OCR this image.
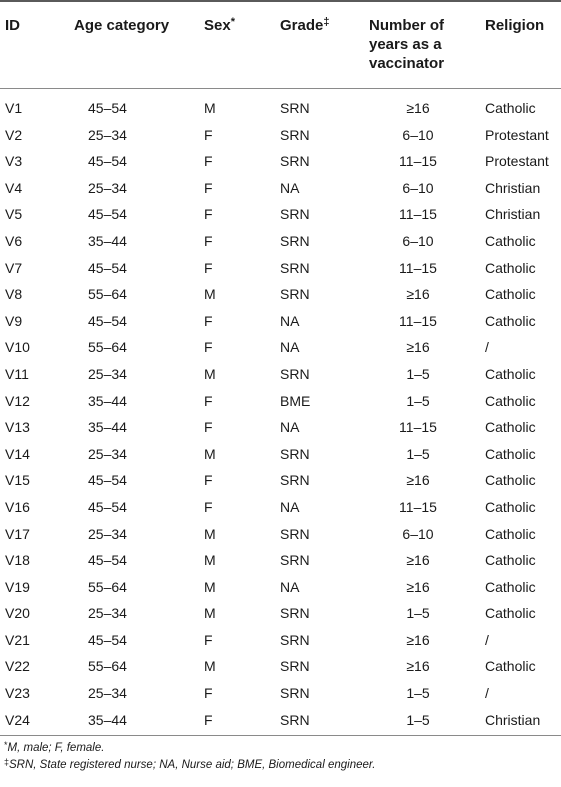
ID	Age category	Sex*	Grade‡	Number of years as a vaccinator	Religion
V1	45–54	M	SRN	≥16	Catholic
V2	25–34	F	SRN	6–10	Protestant
V3	45–54	F	SRN	11–15	Protestant
V4	25–34	F	NA	6–10	Christian
V5	45–54	F	SRN	11–15	Christian
V6	35–44	F	SRN	6–10	Catholic
V7	45–54	F	SRN	11–15	Catholic
V8	55–64	M	SRN	≥16	Catholic
V9	45–54	F	NA	11–15	Catholic
V10	55–64	F	NA	≥16	/
V11	25–34	M	SRN	1–5	Catholic
V12	35–44	F	BME	1–5	Catholic
V13	35–44	F	NA	11–15	Catholic
V14	25–34	M	SRN	1–5	Catholic
V15	45–54	F	SRN	≥16	Catholic
V16	45–54	F	NA	11–15	Catholic
V17	25–34	M	SRN	6–10	Catholic
V18	45–54	M	SRN	≥16	Catholic
V19	55–64	M	NA	≥16	Catholic
V20	25–34	M	SRN	1–5	Catholic
V21	45–54	F	SRN	≥16	/
V22	55–64	M	SRN	≥16	Catholic
V23	25–34	F	SRN	1–5	/
V24	35–44	F	SRN	1–5	Christian
*M, male; F, female.
‡SRN, State registered nurse; NA, Nurse aid; BME, Biomedical engineer.
